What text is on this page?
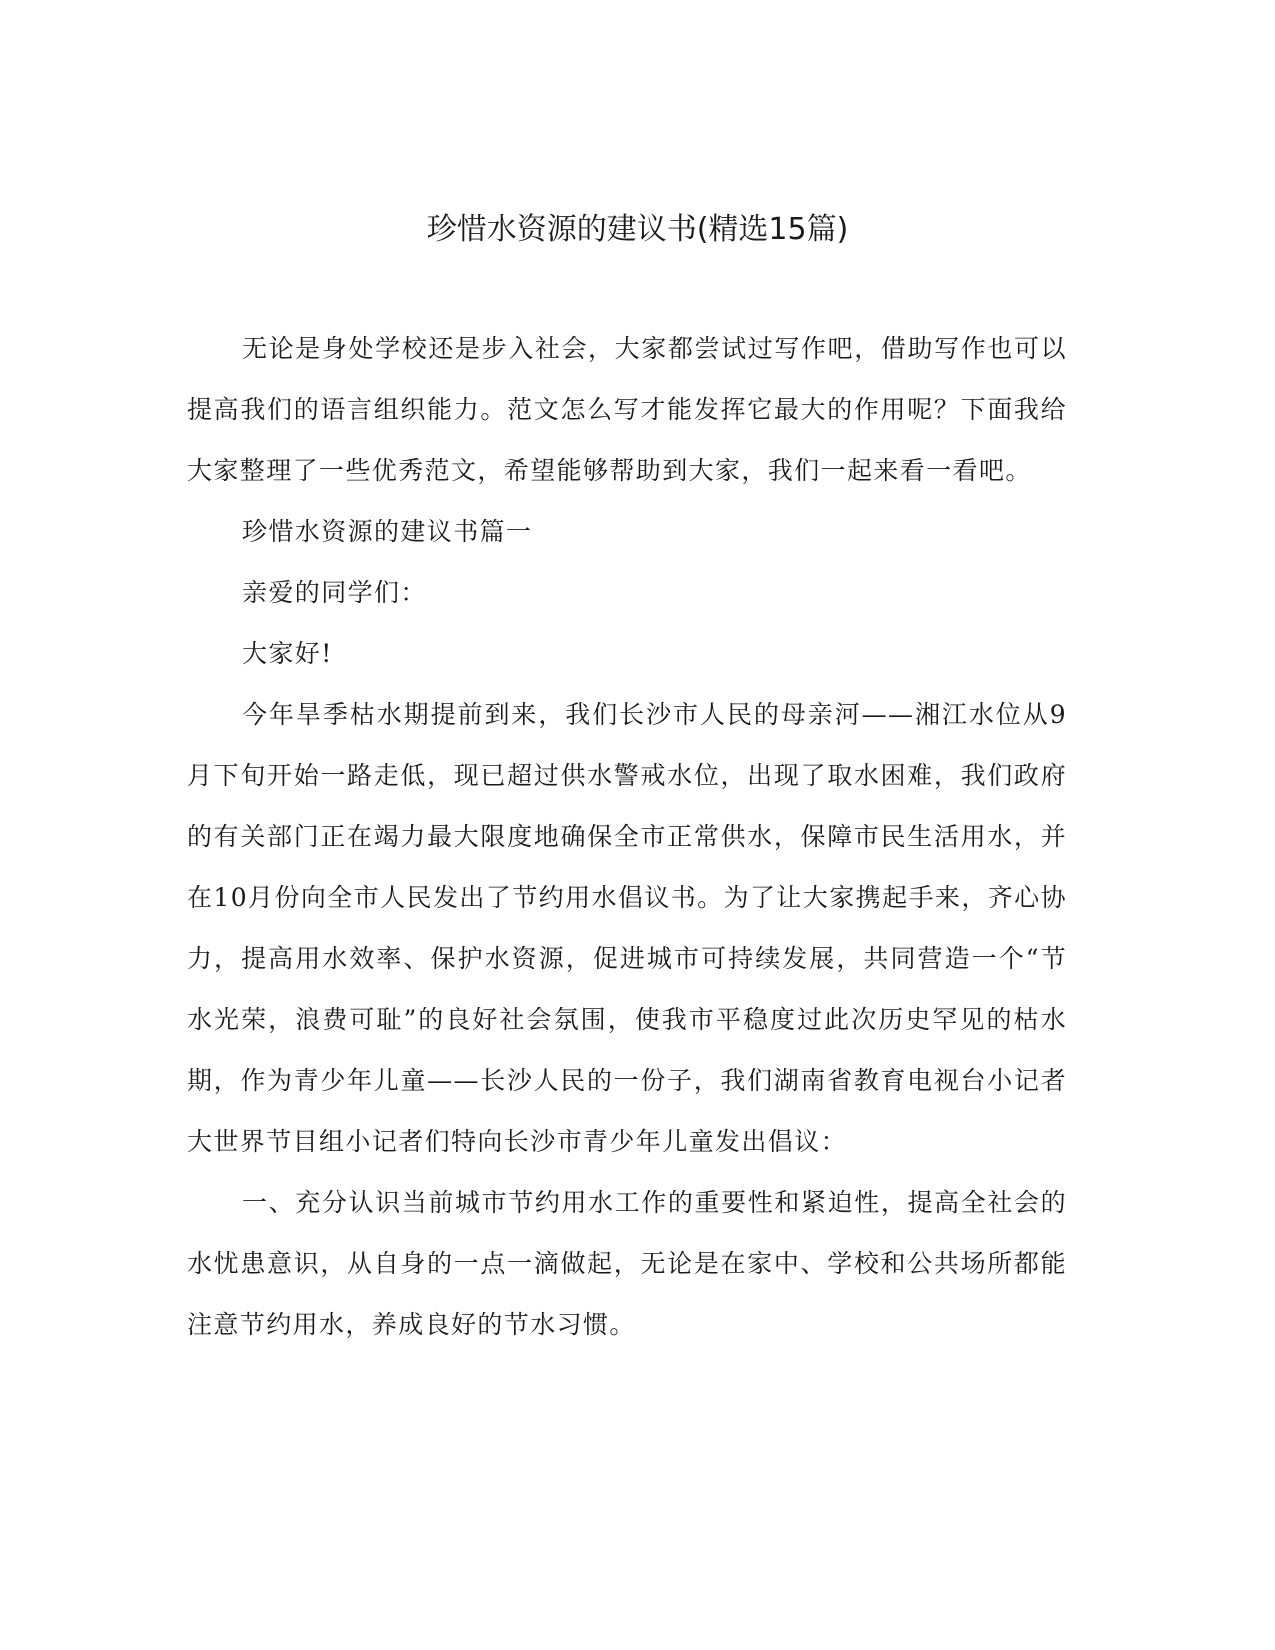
珍惜水资源的建议书(精选15篇)

无论是身处学校还是步入社会，大家都尝试过写作吧，借助写作也可以提高我们的语言组织能力。范文怎么写才能发挥它最大的作用呢？下面我给大家整理了一些优秀范文，希望能够帮助到大家，我们一起来看一看吧。

珍惜水资源的建议书篇一

亲爱的同学们：

大家好!

今年旱季枯水期提前到来，我们长沙市人民的母亲河——湘江水位从9月下旬开始一路走低，现已超过供水警戒水位，出现了取水困难，我们政府的有关部门正在竭力最大限度地确保全市正常供水，保障市民生活用水，并在10月份向全市人民发出了节约用水倡议书。为了让大家携起手来，齐心协力，提高用水效率、保护水资源，促进城市可持续发展，共同营造一个“节水光荣，浪费可耻”的良好社会氛围，使我市平稳度过此次历史罕见的枯水期，作为青少年儿童——长沙人民的一份子，我们湖南省教育电视台小记者大世界节目组小记者们特向长沙市青少年儿童发出倡议：

一、充分认识当前城市节约用水工作的重要性和紧迫性，提高全社会的水忧患意识，从自身的一点一滴做起，无论是在家中、学校和公共场所都能注意节约用水，养成良好的节水习惯。
